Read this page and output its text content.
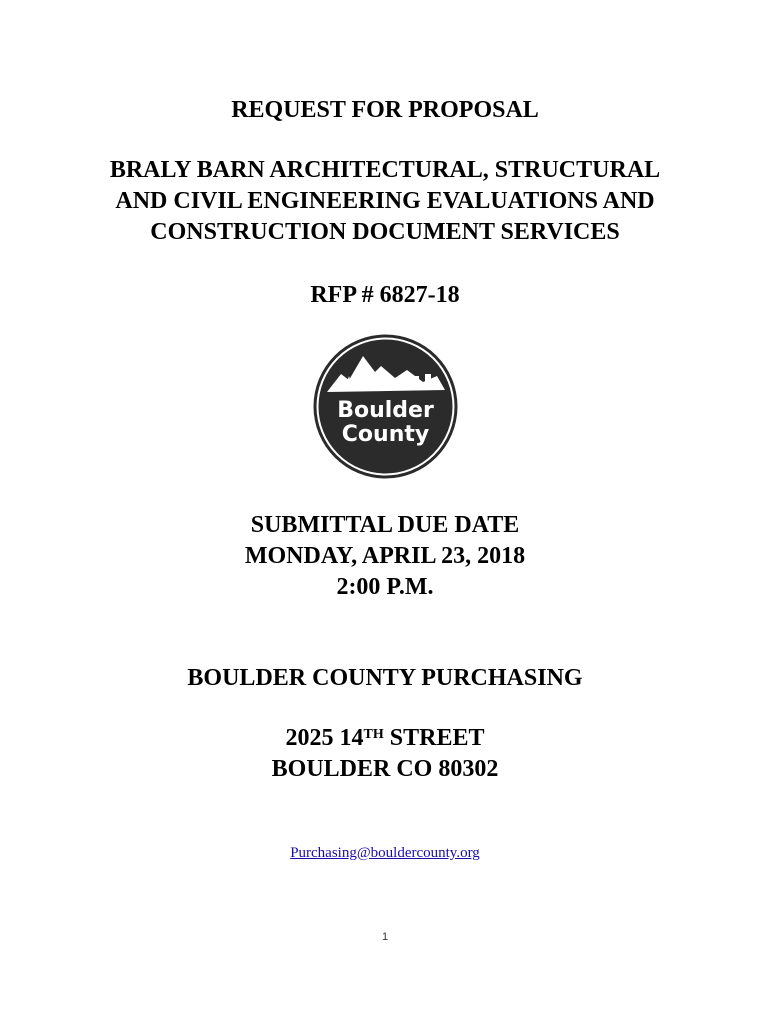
REQUEST FOR PROPOSAL
BRALY BARN ARCHITECTURAL, STRUCTURAL
AND CIVIL ENGINEERING EVALUATIONS AND
CONSTRUCTION DOCUMENT SERVICES
RFP # 6827-18
Boulder
County
SUBMITTAL DUE DATE
MONDAY, APRIL 23, 2018
2:00 P.M.
BOULDER COUNTY PURCHASING
2025 14TH STREET
BOULDER CO 80302
Purchasing@bouldercounty.org
1
